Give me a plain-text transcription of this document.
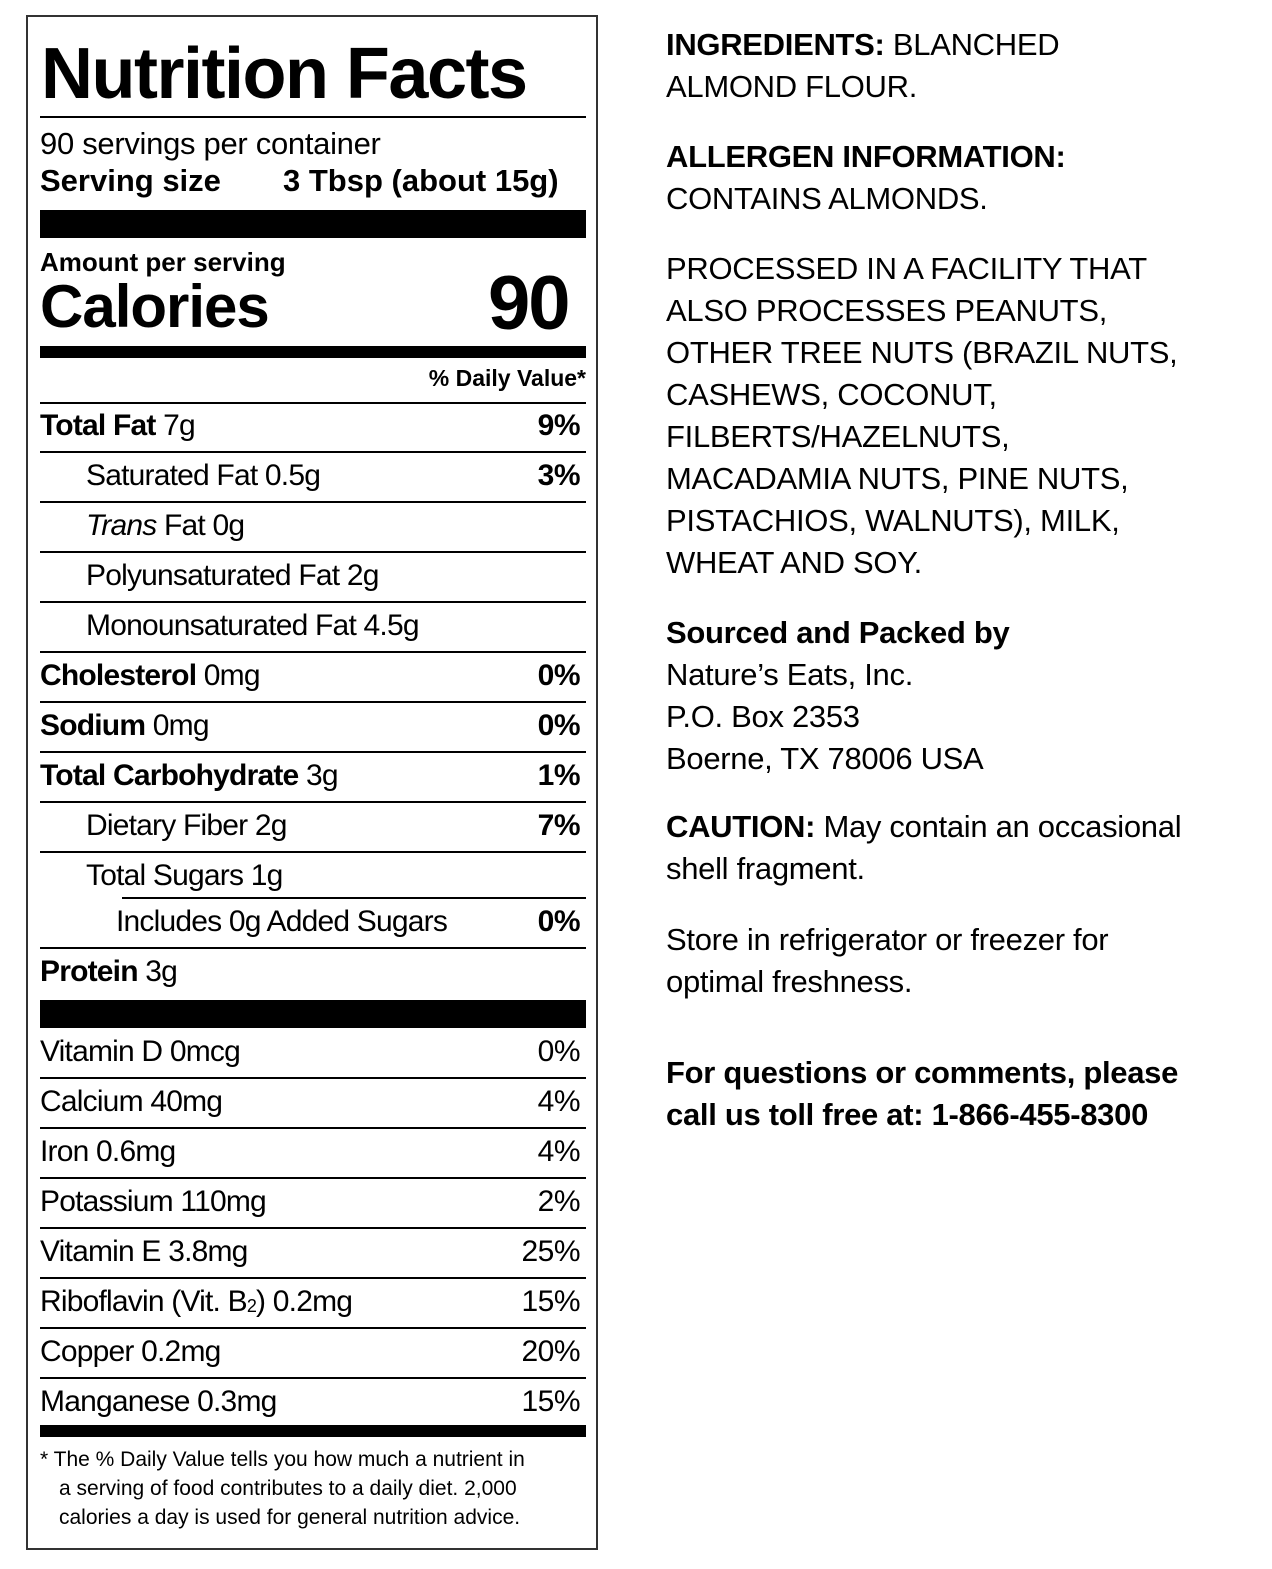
Nutrition Facts
90 servings per container
Serving size 3 Tbsp (about 15g)
Amount per serving
Calories	90
% Daily Value*
Total Fat 7g	9%
Saturated Fat 0.5g	3%
Trans Fat 0g
Polyunsaturated Fat 2g
Monounsaturated Fat 4.5g
Cholesterol 0mg	0%
Sodium 0mg	0%
Total Carbohydrate 3g	1%
Dietary Fiber 2g	7%
Total Sugars 1g
Includes 0g Added Sugars	0%
Protein 3g
Vitamin D 0mcg	0%
Calcium 40mg	4%
Iron 0.6mg	4%
Potassium 110mg	2%
Vitamin E 3.8mg	25%
Riboflavin (Vit. $B_2$) 0.2mg	15%
Copper 0.2mg	20%
Manganese 0.3mg	15%
* The % Daily Value tells you how much a nutrient in
a serving of food contributes to a daily diet. 2,000
calories a day is used for general nutrition advice.

INGREDIENTS: BLANCHED

ALMOND FLOUR.

ALLERGEN INFORMATION:

CONTAINS ALMONDS.

PROCESSED IN A FACILITY THAT

ALSO PROCESSES PEANUTS,

OTHER TREE NUTS (BRAZIL NUTS,

CASHEWS, COCONUT,

FILBERTS/HAZELNUTS,

MACADAMIA NUTS, PINE NUTS,

PISTACHIOS, WALNUTS), MILK,

WHEAT AND SOY.

Sourced and Packed by

Nature’s Eats, Inc.

P.O. Box 2353

Boerne, TX 78006 USA

CAUTION: May contain an occasional

shell fragment.

Store in refrigerator or freezer for

optimal freshness.

For questions or comments, please

call us toll free at: 1-866-455-8300
